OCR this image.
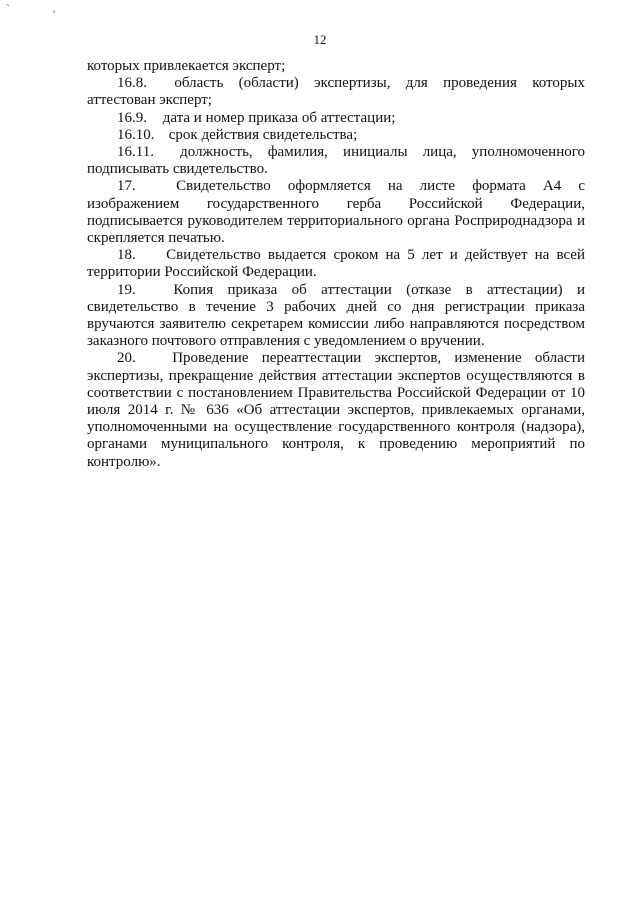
`   ,
12

которых привлекается эксперт;

16.8. область (области) экспертизы, для проведения которых аттестован эксперт;

16.9. дата и номер приказа об аттестации;

16.10. срок действия свидетельства;

16.11. должность, фамилия, инициалы лица, уполномоченного подписывать свидетельство.

17.	Свидетельство оформляется на листе формата А4 с изображением государственного герба Российской Федерации, подписывается руководителем территориального органа Росприроднадзора и скрепляется печатью.

18. Свидетельство выдается сроком на 5 лет и действует на всей территории Российской Федерации.

19.	Копия приказа об аттестации (отказе в аттестации) и свидетельство в течение 3 рабочих дней со дня регистрации приказа вручаются заявителю секретарем комиссии либо направляются посредством заказного почтового отправления с уведомлением о вручении.

20. Проведение переаттестации экспертов, изменение области экспертизы, прекращение действия аттестации экспертов осуществляются в соответствии с постановлением Правительства Российской Федерации от 10 июля 2014 г. № 636 «Об аттестации экспертов, привлекаемых органами, уполномоченными на осуществление государственного контроля (надзора), органами муниципального контроля, к проведению мероприятий по контролю».
